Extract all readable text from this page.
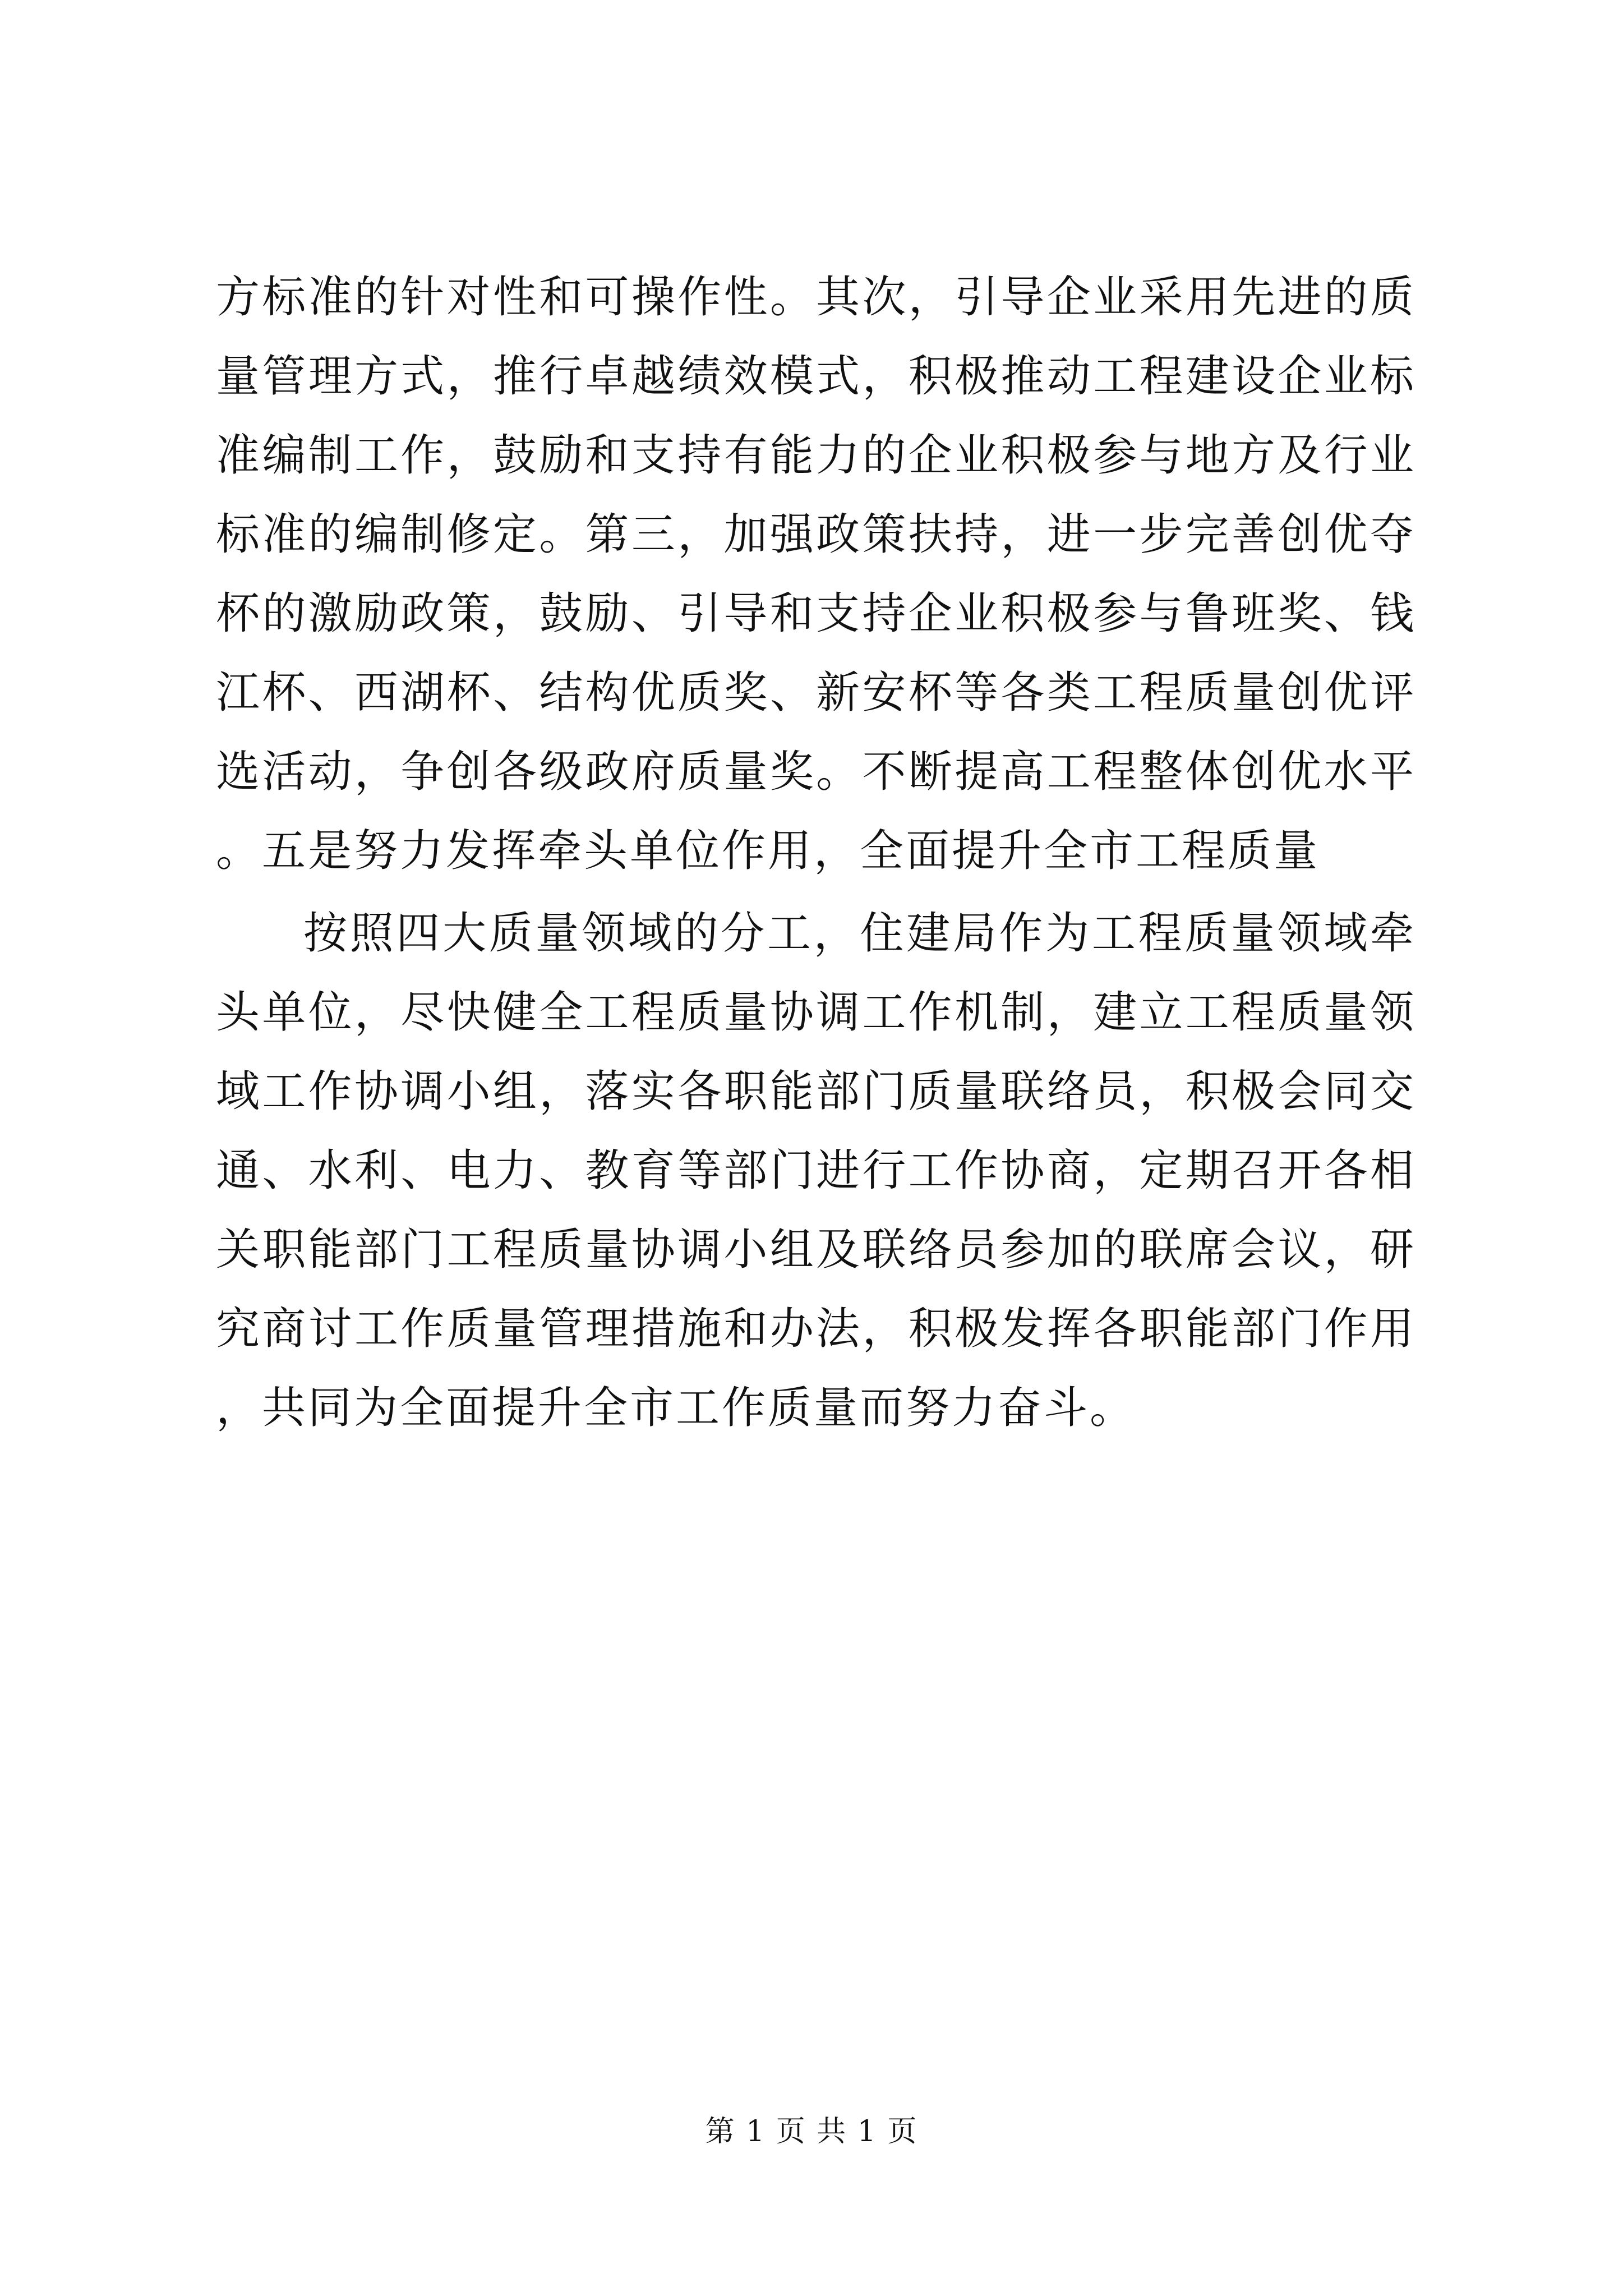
方标准的针对性和可操作性。其次，引导企业采用先进的质量管理方式，推行卓越绩效模式，积极推动工程建设企业标准编制工作，鼓励和支持有能力的企业积极参与地方及行业标准的编制修定。第三，加强政策扶持，进一步完善创优夺杯的激励政策，鼓励、引导和支持企业积极参与鲁班奖、钱江杯、西湖杯、结构优质奖、新安杯等各类工程质量创优评选活动，争创各级政府质量奖。不断提高工程整体创优水平。五是努力发挥牵头单位作用，全面提升全市工程质量

按照四大质量领域的分工，住建局作为工程质量领域牵头单位，尽快健全工程质量协调工作机制，建立工程质量领域工作协调小组，落实各职能部门质量联络员，积极会同交通、水利、电力、教育等部门进行工作协商，定期召开各相关职能部门工程质量协调小组及联络员参加的联席会议，研究商讨工作质量管理措施和办法，积极发挥各职能部门作用，共同为全面提升全市工作质量而努力奋斗。

第 1 页 共 1 页
